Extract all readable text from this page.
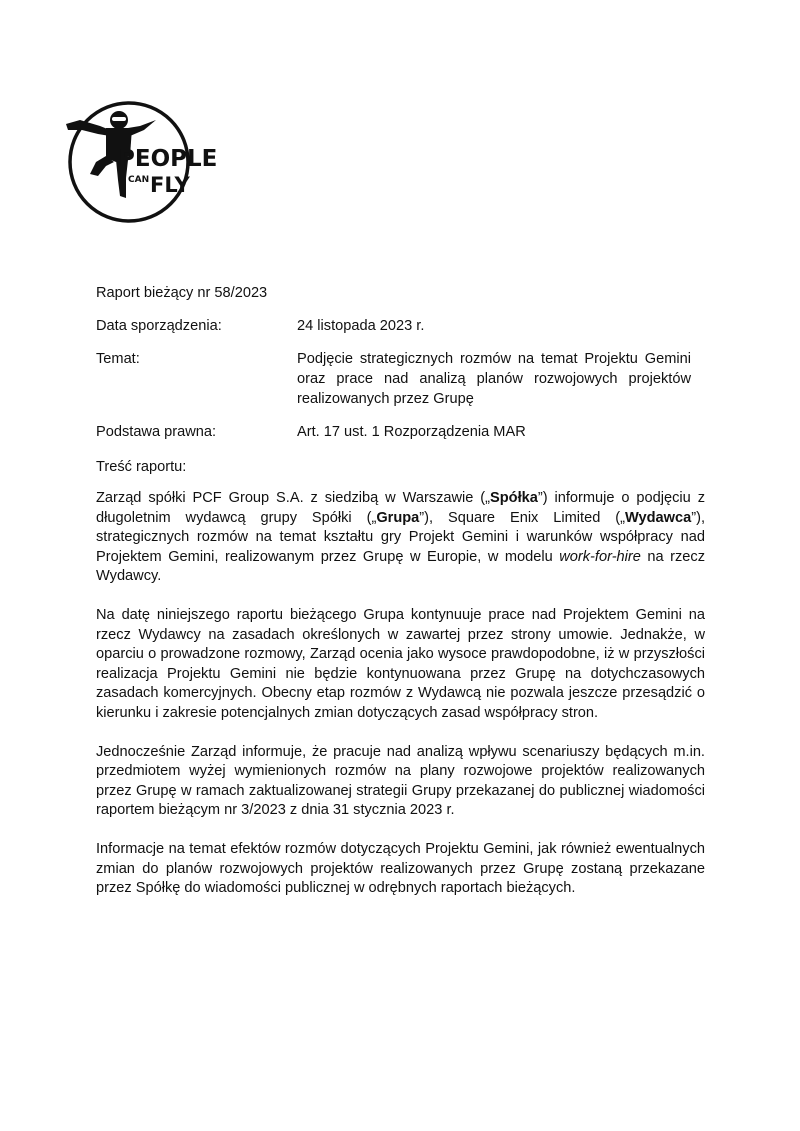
PEOPLE
CAN FLY
Raport bieżący nr 58/2023
Data sporządzenia:	24 listopada 2023 r.
Temat:	Podjęcie strategicznych rozmów na temat Projektu Gemini oraz prace nad analizą planów rozwojowych projektów realizowanych przez Grupę
Podstawa prawna:	Art. 17 ust. 1 Rozporządzenia MAR
Treść raportu:

Zarząd spółki PCF Group S.A. z siedzibą w Warszawie („Spółka”) informuje o podjęciu z długoletnim wydawcą grupy Spółki („Grupa”), Square Enix Limited („Wydawca”), strategicznych rozmów na temat kształtu gry Projekt Gemini i warunków współpracy nad Projektem Gemini, realizowanym przez Grupę w Europie, w modelu work-for-hire na rzecz Wydawcy.

Na datę niniejszego raportu bieżącego Grupa kontynuuje prace nad Projektem Gemini na rzecz Wydawcy na zasadach określonych w zawartej przez strony umowie. Jednakże, w oparciu o prowadzone rozmowy, Zarząd ocenia jako wysoce prawdopodobne, iż w przyszłości realizacja Projektu Gemini nie będzie kontynuowana przez Grupę na dotychczasowych zasadach komercyjnych. Obecny etap rozmów z Wydawcą nie pozwala jeszcze przesądzić o kierunku i zakresie potencjalnych zmian dotyczących zasad współpracy stron.

Jednocześnie Zarząd informuje, że pracuje nad analizą wpływu scenariuszy będących m.in. przedmiotem wyżej wymienionych rozmów na plany rozwojowe projektów realizowanych przez Grupę w ramach zaktualizowanej strategii Grupy przekazanej do publicznej wiadomości raportem bieżącym nr 3/2023 z dnia 31 stycznia 2023 r.

Informacje na temat efektów rozmów dotyczących Projektu Gemini, jak również ewentualnych zmian do planów rozwojowych projektów realizowanych przez Grupę zostaną przekazane przez Spółkę do wiadomości publicznej w odrębnych raportach bieżących.
